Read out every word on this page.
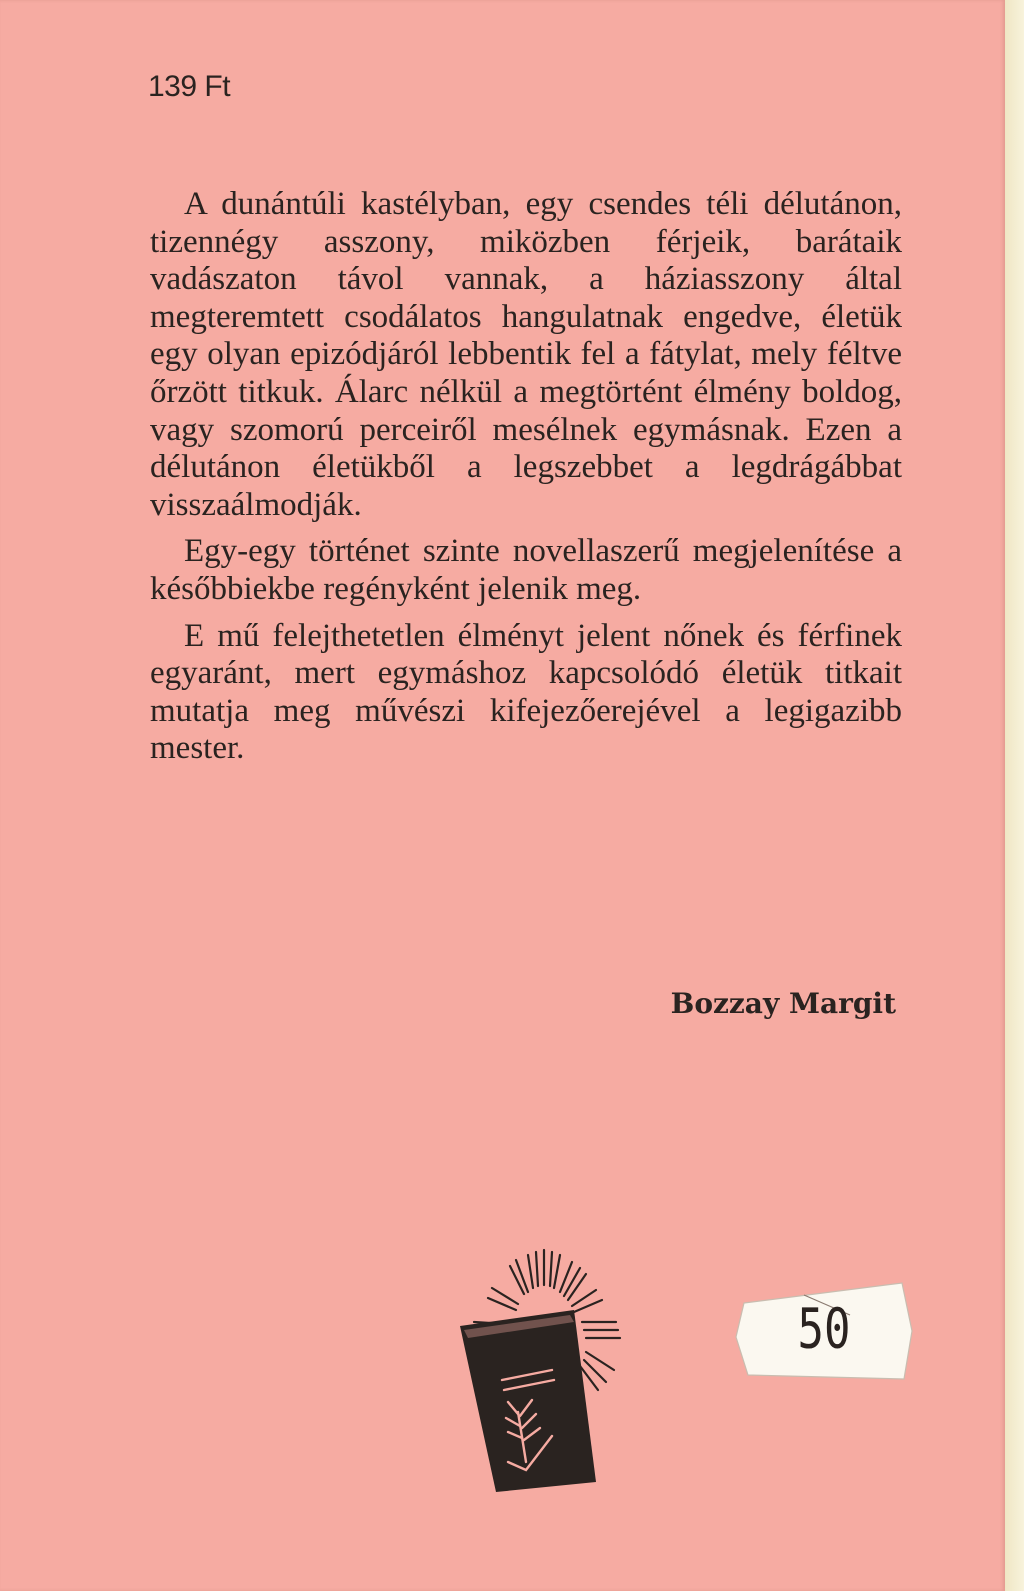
139 Ft

A dunántúli kastélyban, egy csendes téli délutánon, tizennégy asszony, miközben férjeik, barátaik vadászaton távol vannak, a háziasszony által megteremtett csodálatos hangulatnak engedve, életük egy olyan epizódjáról lebbentik fel a fátylat, mely féltve őrzött titkuk. Álarc nélkül a megtörtént élmény boldog, vagy szomorú perceiről mesélnek egymásnak. Ezen a délutánon életükből a legszebbet a legdrágábbat visszaálmodják.

Egy-egy történet szinte novellaszerű megjelenítése a későbbiekbe regényként jelenik meg.

E mű felejthetetlen élményt jelent nőnek és férfinek egyaránt, mert egymáshoz kapcsolódó életük titkait mutatja meg művészi kifejezőerejével a legigazibb mester.

Bozzay Margit
50
